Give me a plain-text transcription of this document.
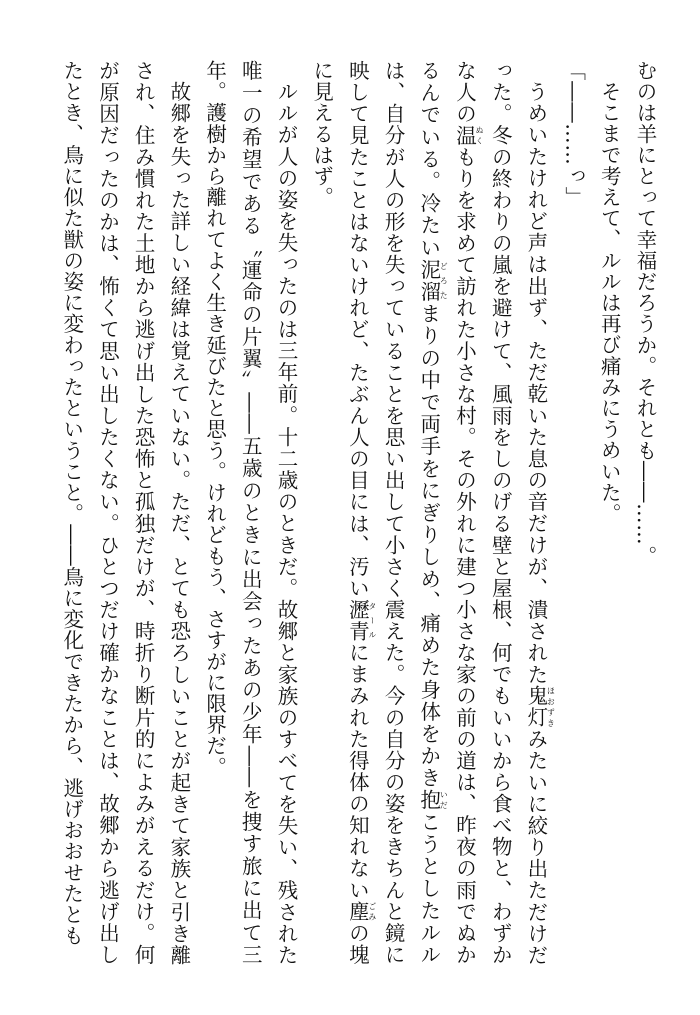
むのは羊にとって幸福だろうか。それとも――……。

そこまで考えて、ルルは再び痛みにうめいた。

「――……っ」

うめいたけれど声は出ず、ただ乾いた息の音だけが、潰された鬼灯ほおずきみたいに絞り出ただけだった。冬の終わりの嵐を避けて、風雨をしのげる壁と屋根、何でもいいから食べ物と、わずかな人の温ぬくもりを求めて訪れた小さな村。その外れに建つ小さな家の前の道は、昨夜の雨でぬかるんでいる。冷たい泥溜どろたまりの中で両手をにぎりしめ、痛めた身体をかき抱いだこうとしたルルは、自分が人の形を失っていることを思い出して小さく震えた。今の自分の姿をきちんと鏡に映して見たことはないけれど、たぶん人の目には、汚い瀝青タールにまみれた得体の知れない塵ごみの塊に見えるはず。

ルルが人の姿を失ったのは三年前。十二歳のときだ。故郷と家族のすべてを失い、残された唯一の希望である〝運命の片翼〟――五歳のときに出会ったあの少年――を捜す旅に出て三年。護樹から離れてよく生き延びたと思う。けれどもう、さすがに限界だ。

故郷を失った詳しい経緯は覚えていない。ただ、とても恐ろしいことが起きて家族と引き離され、住み慣れた土地から逃げ出した恐怖と孤独だけが、時折り断片的によみがえるだけ。何が原因だったのかは、怖くて思い出したくない。ひとつだけ確かなことは、故郷から逃げ出したとき、鳥に似た獣の姿に変わったということ。――鳥に変化できたから、逃げおおせたとも
